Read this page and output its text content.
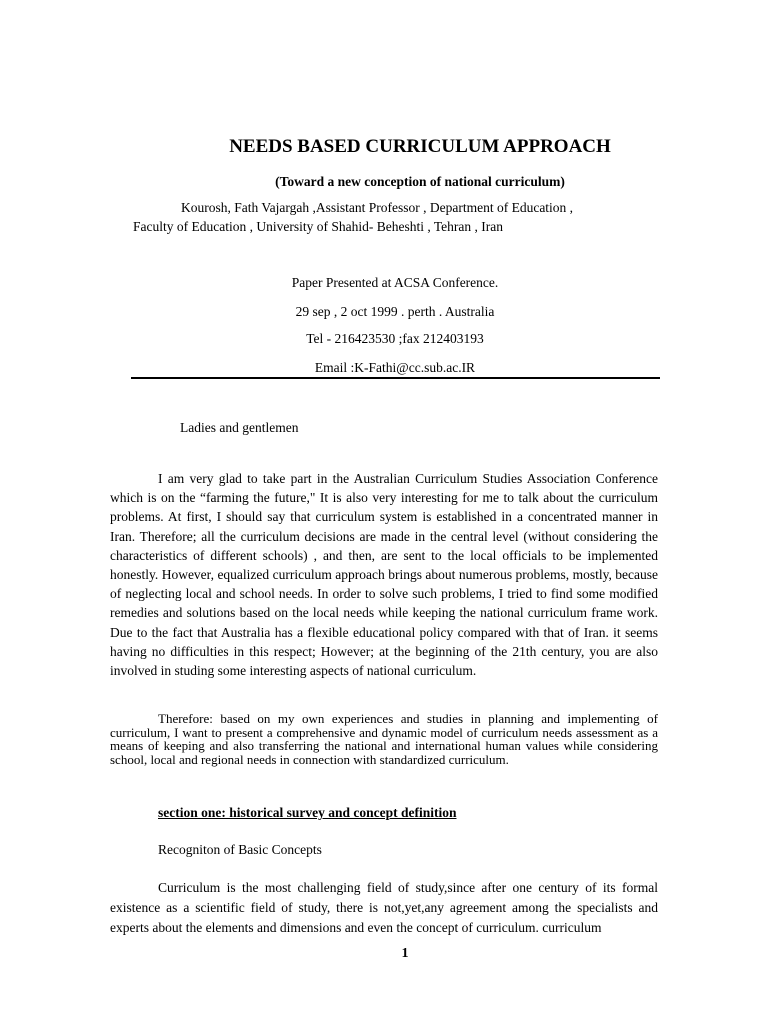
NEEDS BASED CURRICULUM APPROACH
(Toward a new conception of national curriculum)
Kourosh, Fath Vajargah ,Assistant Professor , Department of Education ,
Faculty of Education , University of Shahid- Beheshti , Tehran , Iran
Paper Presented at ACSA Conference.
29 sep , 2 oct 1999 . perth . Australia
Tel - 216423530 ;fax 212403193
Email :K-Fathi@cc.sub.ac.IR
Ladies and gentlemen

I am very glad to take part in the Australian Curriculum Studies Association Conference which is on the “farming the future," It is also very interesting for me to talk about the curriculum problems. At first, I should say that curriculum system is established in a concentrated manner in Iran. Therefore; all the curriculum decisions are made in the central level (without considering the characteristics of different schools) , and then, are sent to the local officials to be implemented honestly. However, equalized curriculum approach brings about numerous problems, mostly, because of neglecting local and school needs. In order to solve such problems, I tried to find some modified remedies and solutions based on the local needs while keeping the national curriculum frame work. Due to the fact that Australia has a flexible educational policy compared with that of Iran. it seems having no difficulties in this respect; However; at the beginning of the 21th century, you are also involved in studing some interesting aspects of national curriculum.

Therefore: based on my own experiences and studies in planning and implementing of curriculum, I want to present a comprehensive and dynamic model of curriculum needs assessment as a means of keeping and also transferring the national and international human values while considering school, local and regional needs in connection with standardized curriculum.

section one: historical survey and concept definition
Recogniton of Basic Concepts

Curriculum is the most challenging field of study,since after one century of its formal existence as a scientific field of study, there is not,yet,any agreement among the specialists and experts about the elements and dimensions and even the concept of curriculum. curriculum

1
